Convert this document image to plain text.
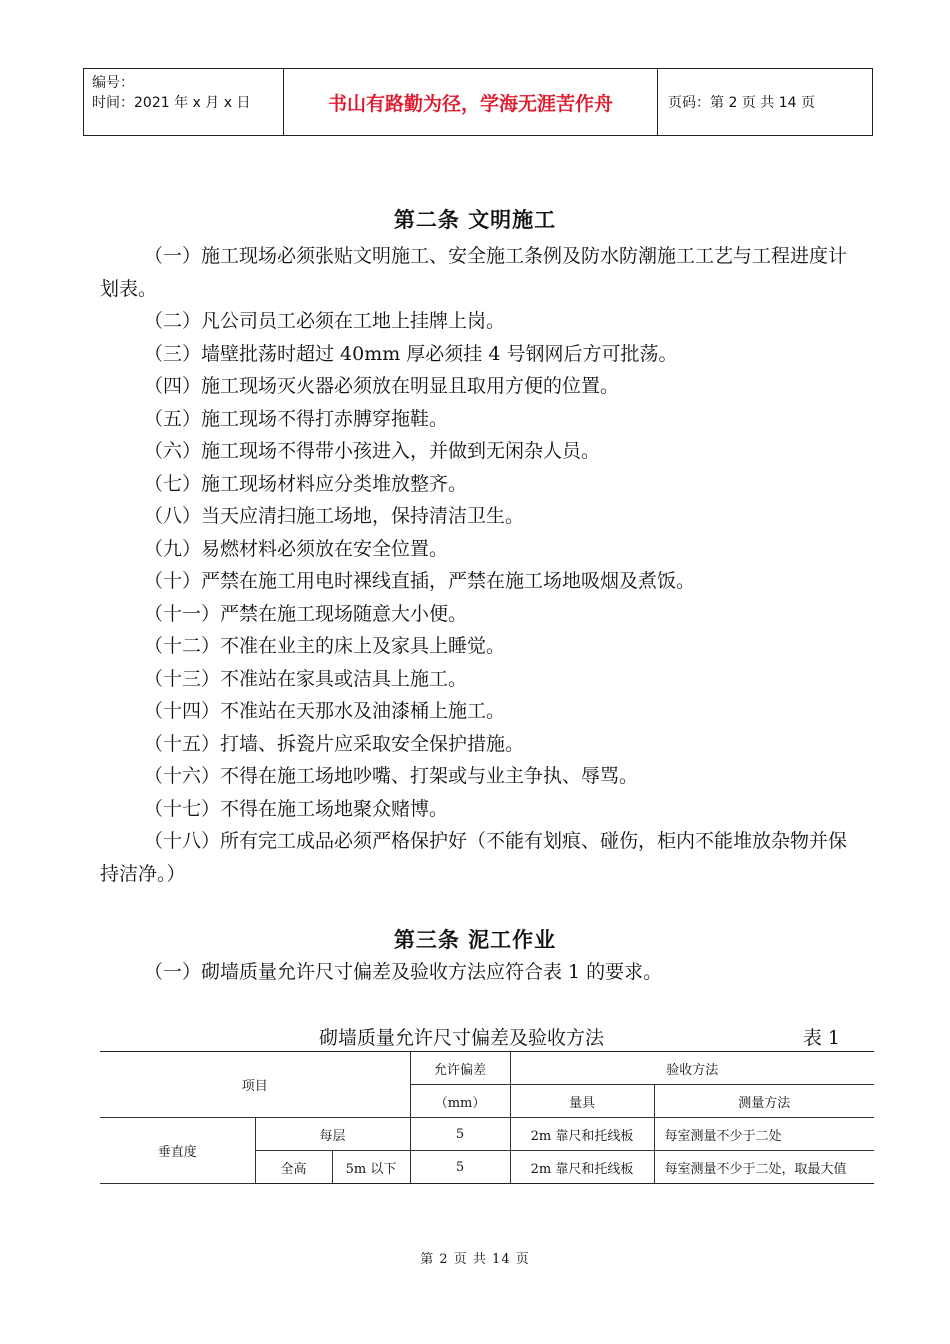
编号：
时间：2021 年 x 月 x 日	书山有路勤为径，学海无涯苦作舟	页码：第 2 页 共 14 页
第二条 文明施工

（一）施工现场必须张贴文明施工、安全施工条例及防水防潮施工工艺与工程进度计划表。

（二）凡公司员工必须在工地上挂牌上岗。

（三）墙壁批荡时超过 40mm 厚必须挂 4 号钢网后方可批荡。

（四）施工现场灭火器必须放在明显且取用方便的位置。

（五）施工现场不得打赤膊穿拖鞋。

（六）施工现场不得带小孩进入，并做到无闲杂人员。

（七）施工现场材料应分类堆放整齐。

（八）当天应清扫施工场地，保持清洁卫生。

（九）易燃材料必须放在安全位置。

（十）严禁在施工用电时裸线直插，严禁在施工场地吸烟及煮饭。

（十一）严禁在施工现场随意大小便。

（十二）不准在业主的床上及家具上睡觉。

（十三）不准站在家具或洁具上施工。

（十四）不准站在天那水及油漆桶上施工。

（十五）打墙、拆瓷片应采取安全保护措施。

（十六）不得在施工场地吵嘴、打架或与业主争执、辱骂。

（十七）不得在施工场地聚众赌博。

（十八）所有完工成品必须严格保护好（不能有划痕、碰伤，柜内不能堆放杂物并保持洁净。）

第三条 泥工作业

（一）砌墙质量允许尺寸偏差及验收方法应符合表 1 的要求。

砌墙质量允许尺寸偏差及验收方法	表 1
项目			允许偏差	验收方法	
			（mm）	量具	测量方法
垂直度	每层		5	2m 靠尺和托线板	每室测量不少于二处
	全高	5m 以下	5	2m 靠尺和托线板	每室测量不少于二处，取最大值
第 2 页 共 14 页
